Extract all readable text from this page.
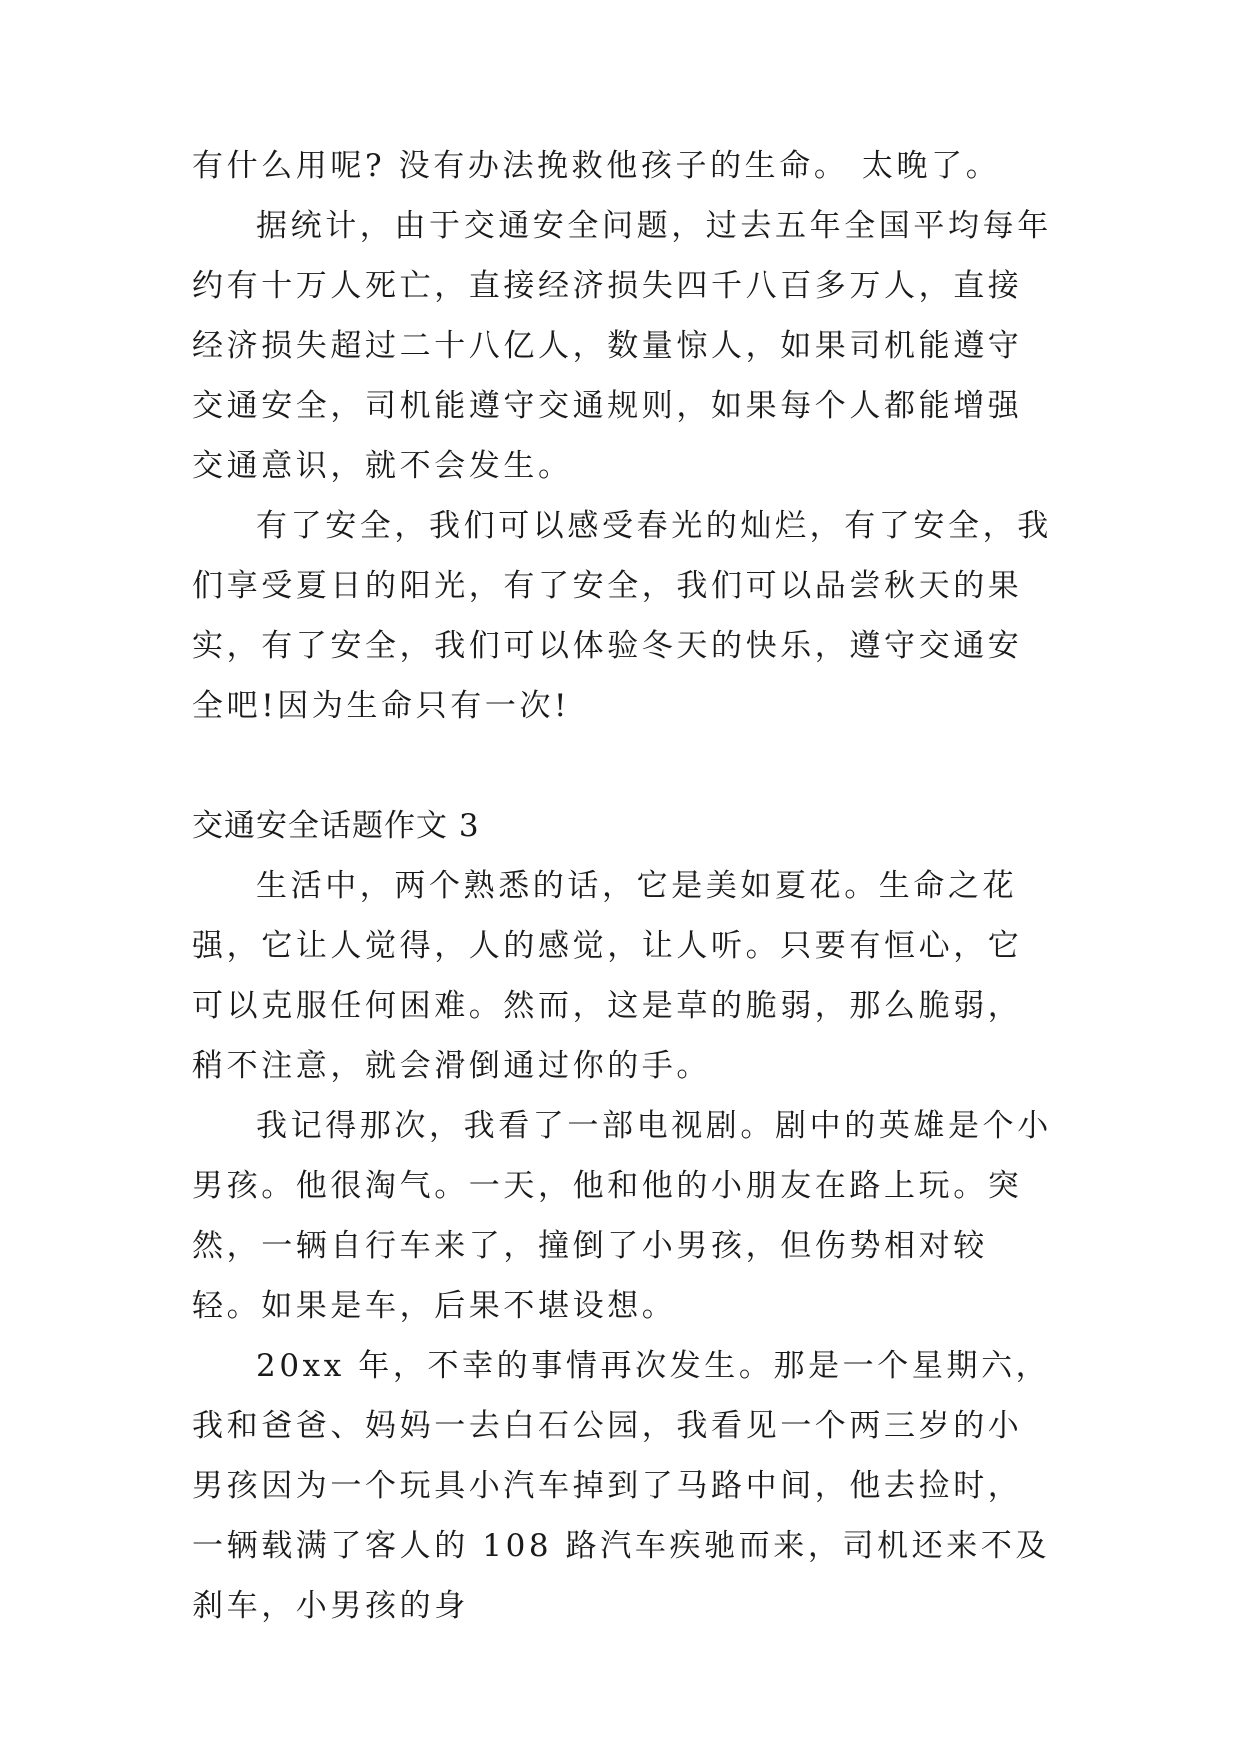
有什么用呢? 没有办法挽救他孩子的生命。 太晚了。

据统计，由于交通安全问题，过去五年全国平均每年约有十万人死亡，直接经济损失四千八百多万人，直接经济损失超过二十八亿人，数量惊人，如果司机能遵守交通安全，司机能遵守交通规则，如果每个人都能增强交通意识，就不会发生。

有了安全，我们可以感受春光的灿烂，有了安全，我们享受夏日的阳光，有了安全，我们可以品尝秋天的果实，有了安全，我们可以体验冬天的快乐，遵守交通安全吧!因为生命只有一次!

交通安全话题作文 3

生活中，两个熟悉的话，它是美如夏花。生命之花强，它让人觉得，人的感觉，让人听。只要有恒心，它可以克服任何困难。然而，这是草的脆弱，那么脆弱，稍不注意，就会滑倒通过你的手。

我记得那次，我看了一部电视剧。剧中的英雄是个小男孩。他很淘气。一天，他和他的小朋友在路上玩。突然，一辆自行车来了，撞倒了小男孩，但伤势相对较轻。如果是车，后果不堪设想。

20xx 年，不幸的事情再次发生。那是一个星期六，我和爸爸、妈妈一去白石公园，我看见一个两三岁的小男孩因为一个玩具小汽车掉到了马路中间，他去捡时，一辆载满了客人的 108 路汽车疾驰而来，司机还来不及刹车，小男孩的身
